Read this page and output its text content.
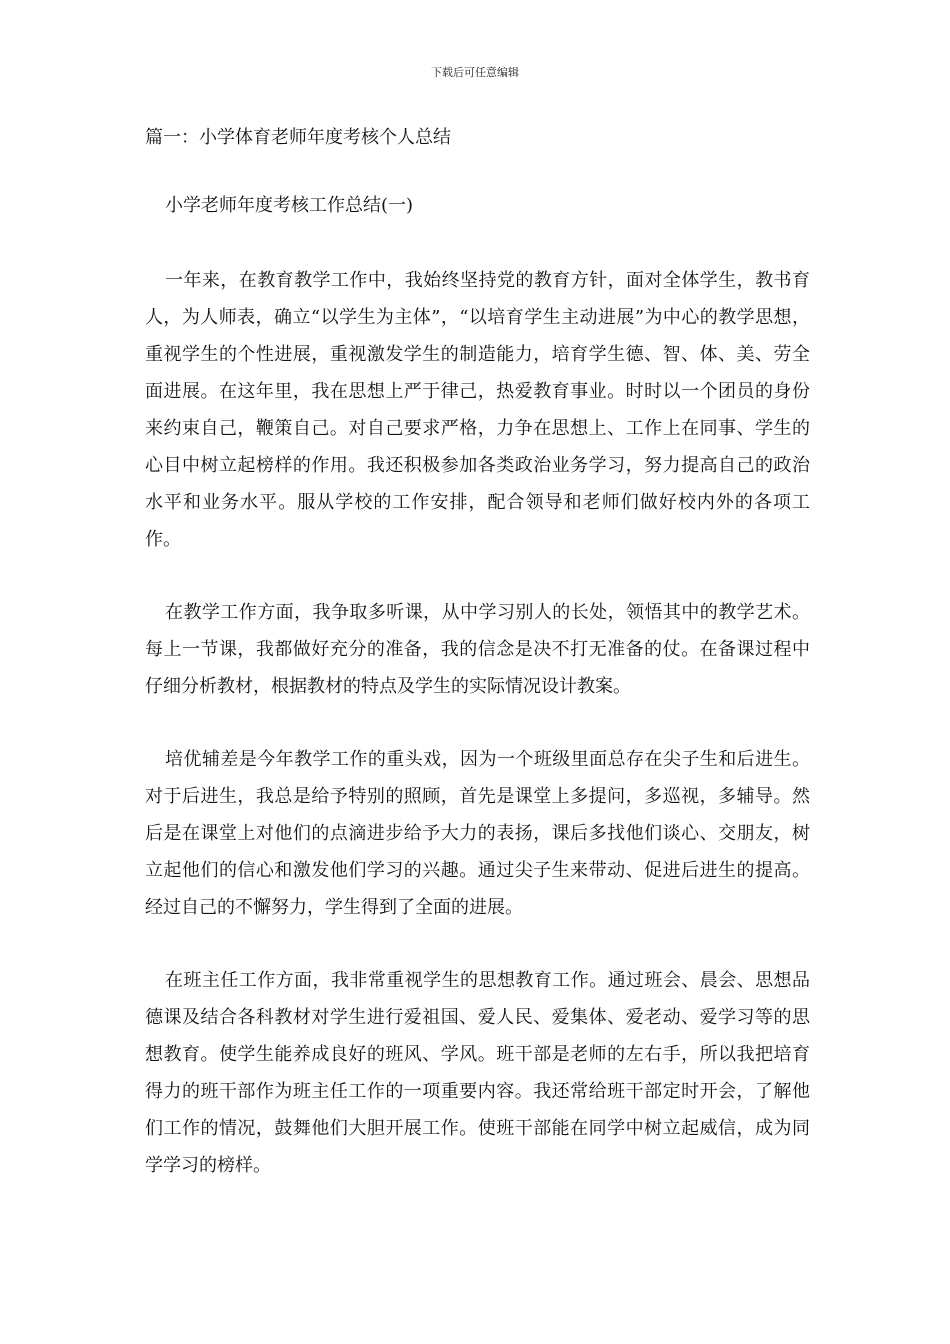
下载后可任意编辑
篇一：小学体育老师年度考核个人总结
小学老师年度考核工作总结(一)

一年来，在教育教学工作中，我始终坚持党的教育方针，面对全体学生，教书育人，为人师表，确立“以学生为主体”，“以培育学生主动进展”为中心的教学思想，重视学生的个性进展，重视激发学生的制造能力，培育学生德、智、体、美、劳全面进展。在这年里，我在思想上严于律己，热爱教育事业。时时以一个团员的身份来约束自己，鞭策自己。对自己要求严格，力争在思想上、工作上在同事、学生的心目中树立起榜样的作用。我还积极参加各类政治业务学习，努力提高自己的政治水平和业务水平。服从学校的工作安排，配合领导和老师们做好校内外的各项工作。

在教学工作方面，我争取多听课，从中学习别人的长处，领悟其中的教学艺术。每上一节课，我都做好充分的准备，我的信念是决不打无准备的仗。在备课过程中仔细分析教材，根据教材的特点及学生的实际情况设计教案。

培优辅差是今年教学工作的重头戏，因为一个班级里面总存在尖子生和后进生。对于后进生，我总是给予特别的照顾，首先是课堂上多提问，多巡视，多辅导。然后是在课堂上对他们的点滴进步给予大力的表扬，课后多找他们谈心、交朋友，树立起他们的信心和激发他们学习的兴趣。通过尖子生来带动、促进后进生的提高。经过自己的不懈努力，学生得到了全面的进展。

在班主任工作方面，我非常重视学生的思想教育工作。通过班会、晨会、思想品德课及结合各科教材对学生进行爱祖国、爱人民、爱集体、爱老动、爱学习等的思想教育。使学生能养成良好的班风、学风。班干部是老师的左右手，所以我把培育得力的班干部作为班主任工作的一项重要内容。我还常给班干部定时开会，了解他们工作的情况，鼓舞他们大胆开展工作。使班干部能在同学中树立起威信，成为同学学习的榜样。
